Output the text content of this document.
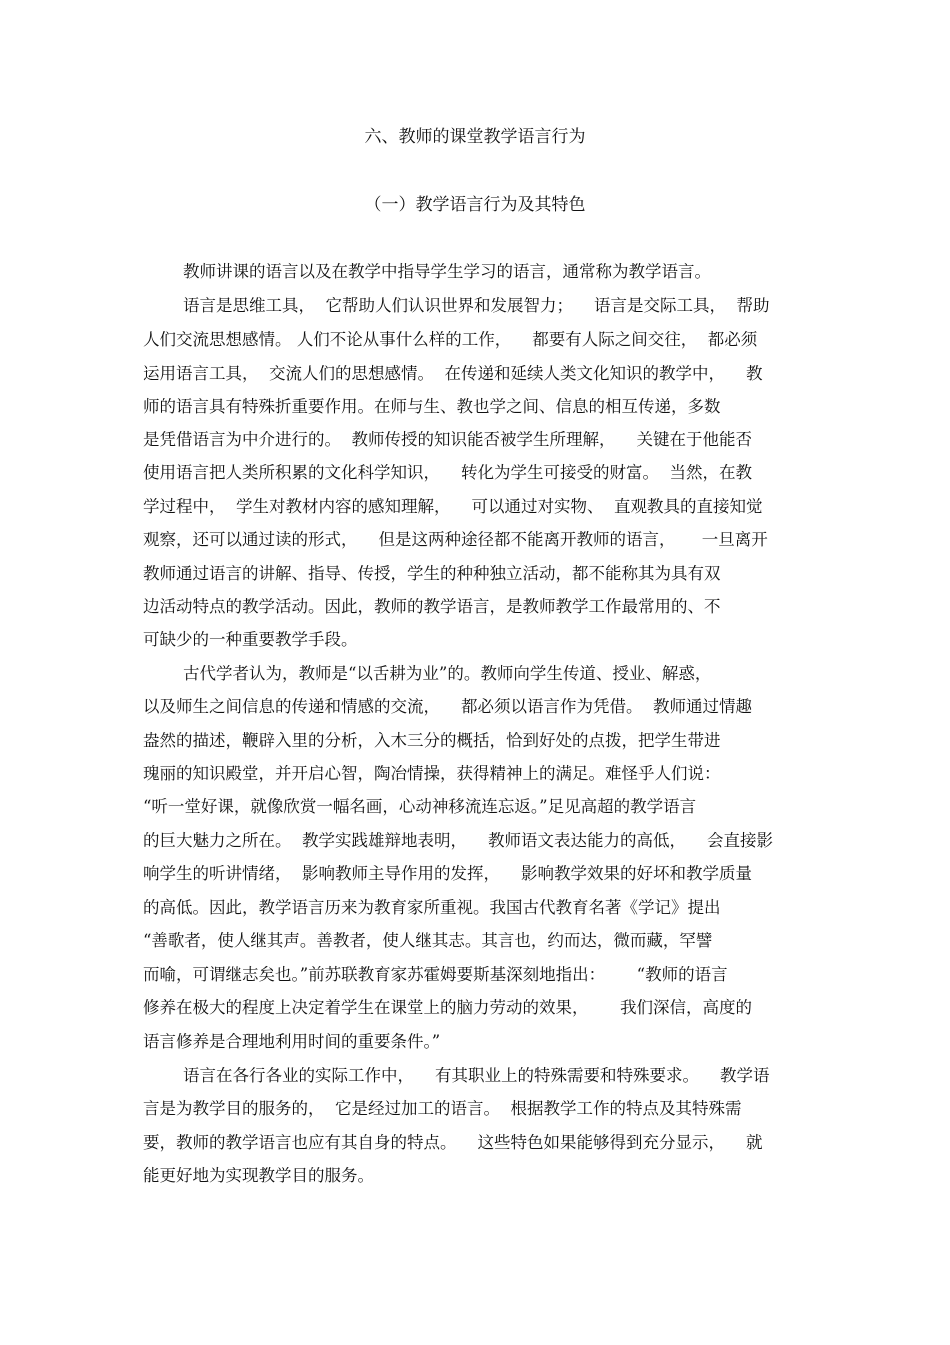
六、教师的课堂教学语言行为
（一）教学语言行为及其特色
教师讲课的语言以及在教学中指导学生学习的语言，通常称为教学语言。
语言是思维工具，  它帮助人们认识世界和发展智力；    语言是交际工具，  帮助
人们交流思想感情。 人们不论从事什么样的工作，    都要有人际之间交往，  都必须
运用语言工具，  交流人们的思想感情。  在传递和延续人类文化知识的教学中，    教
师的语言具有特殊折重要作用。在师与生、教也学之间、信息的相互传递，多数
是凭借语言为中介进行的。  教师传授的知识能否被学生所理解，    关键在于他能否
使用语言把人类所积累的文化科学知识，    转化为学生可接受的财富。  当然，在教
学过程中，  学生对教材内容的感知理解，    可以通过对实物、  直观教具的直接知觉
观察，还可以通过读的形式，    但是这两种途径都不能离开教师的语言，     一旦离开
教师通过语言的讲解、指导、传授，学生的种种独立活动，都不能称其为具有双
边活动特点的教学活动。因此，教师的教学语言，是教师教学工作最常用的、不
可缺少的一种重要教学手段。
古代学者认为，教师是“以舌耕为业”的。教师向学生传道、授业、解惑，
以及师生之间信息的传递和情感的交流，    都必须以语言作为凭借。  教师通过情趣
盎然的描述，鞭辟入里的分析，入木三分的概括，恰到好处的点拨，把学生带进
瑰丽的知识殿堂，并开启心智，陶冶情操，获得精神上的满足。难怪乎人们说：
“听一堂好课，就像欣赏一幅名画，心动神移流连忘返。”足见高超的教学语言
的巨大魅力之所在。  教学实践雄辩地表明，    教师语文表达能力的高低，    会直接影
响学生的听讲情绪，  影响教师主导作用的发挥，    影响教学效果的好坏和教学质量
的高低。因此，教学语言历来为教育家所重视。我国古代教育名著《学记》提出
“善歌者，使人继其声。善教者，使人继其志。其言也，约而达，微而藏，罕譬
而喻，可谓继志矣也。”前苏联教育家苏霍姆要斯基深刻地指出：      “教师的语言
修养在极大的程度上决定着学生在课堂上的脑力劳动的效果，      我们深信，高度的
语言修养是合理地利用时间的重要条件。”
语言在各行各业的实际工作中，    有其职业上的特殊需要和特殊要求。    教学语
言是为教学目的服务的，  它是经过加工的语言。  根据教学工作的特点及其特殊需
要，教师的教学语言也应有其自身的特点。    这些特色如果能够得到充分显示，    就
能更好地为实现教学目的服务。
